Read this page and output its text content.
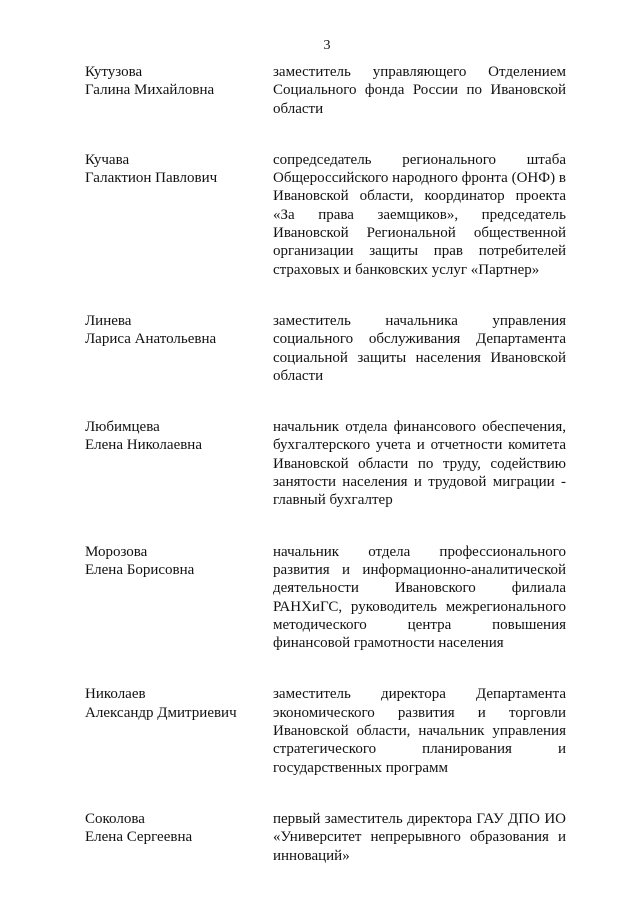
3
Кутузова
Галина Михайловна
заместитель управляющего Отделением Социального фонда России по Ивановской области
Кучава
Галактион Павлович
сопредседатель регионального штаба Общероссийского народного фронта (ОНФ) в Ивановской области, координатор проекта «За права заемщиков», председатель Ивановской Региональной общественной организации защиты прав потребителей страховых и банковских услуг «Партнер»
Линева
Лариса Анатольевна
заместитель начальника управления социального обслуживания Департамента социальной защиты населения Ивановской области
Любимцева
Елена Николаевна
начальник отдела финансового обеспечения, бухгалтерского учета и отчетности комитета Ивановской области по труду, содействию занятости населения и трудовой миграции - главный бухгалтер
Морозова
Елена Борисовна
начальник отдела профессионального развития и информационно-аналитической деятельности Ивановского филиала РАНХиГС, руководитель межрегионального методического центра повышения финансовой грамотности населения
Николаев
Александр Дмитриевич
заместитель директора Департамента экономического развития и торговли Ивановской области, начальник управления стратегического планирования и государственных программ
Соколова
Елена Сергеевна
первый заместитель директора ГАУ ДПО ИО «Университет непрерывного образования и инноваций»
